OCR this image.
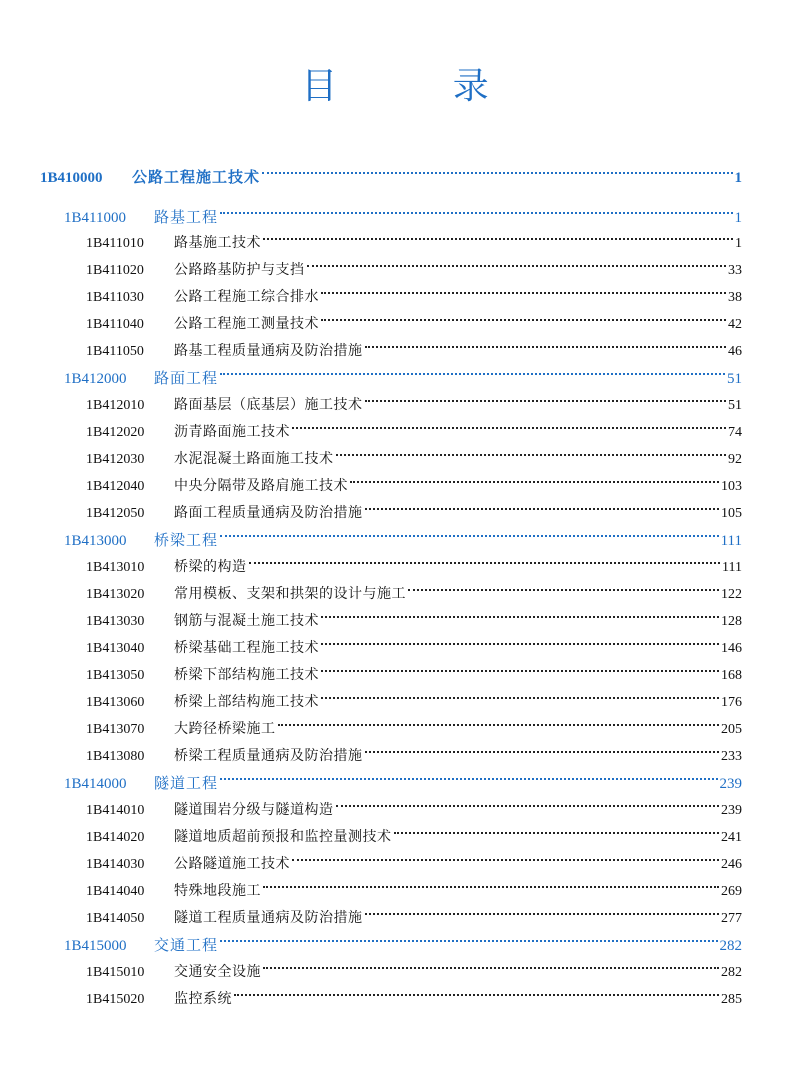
目 录
1B410000	公路工程施工技术	1
1B411000	路基工程	1
1B411010	路基施工技术	1
1B411020	公路路基防护与支挡	33
1B411030	公路工程施工综合排水	38
1B411040	公路工程施工测量技术	42
1B411050	路基工程质量通病及防治措施	46
1B412000	路面工程	51
1B412010	路面基层（底基层）施工技术	51
1B412020	沥青路面施工技术	74
1B412030	水泥混凝土路面施工技术	92
1B412040	中央分隔带及路肩施工技术	103
1B412050	路面工程质量通病及防治措施	105
1B413000	桥梁工程	111
1B413010	桥梁的构造	111
1B413020	常用模板、支架和拱架的设计与施工	122
1B413030	钢筋与混凝土施工技术	128
1B413040	桥梁基础工程施工技术	146
1B413050	桥梁下部结构施工技术	168
1B413060	桥梁上部结构施工技术	176
1B413070	大跨径桥梁施工	205
1B413080	桥梁工程质量通病及防治措施	233
1B414000	隧道工程	239
1B414010	隧道围岩分级与隧道构造	239
1B414020	隧道地质超前预报和监控量测技术	241
1B414030	公路隧道施工技术	246
1B414040	特殊地段施工	269
1B414050	隧道工程质量通病及防治措施	277
1B415000	交通工程	282
1B415010	交通安全设施	282
1B415020	监控系统	285
